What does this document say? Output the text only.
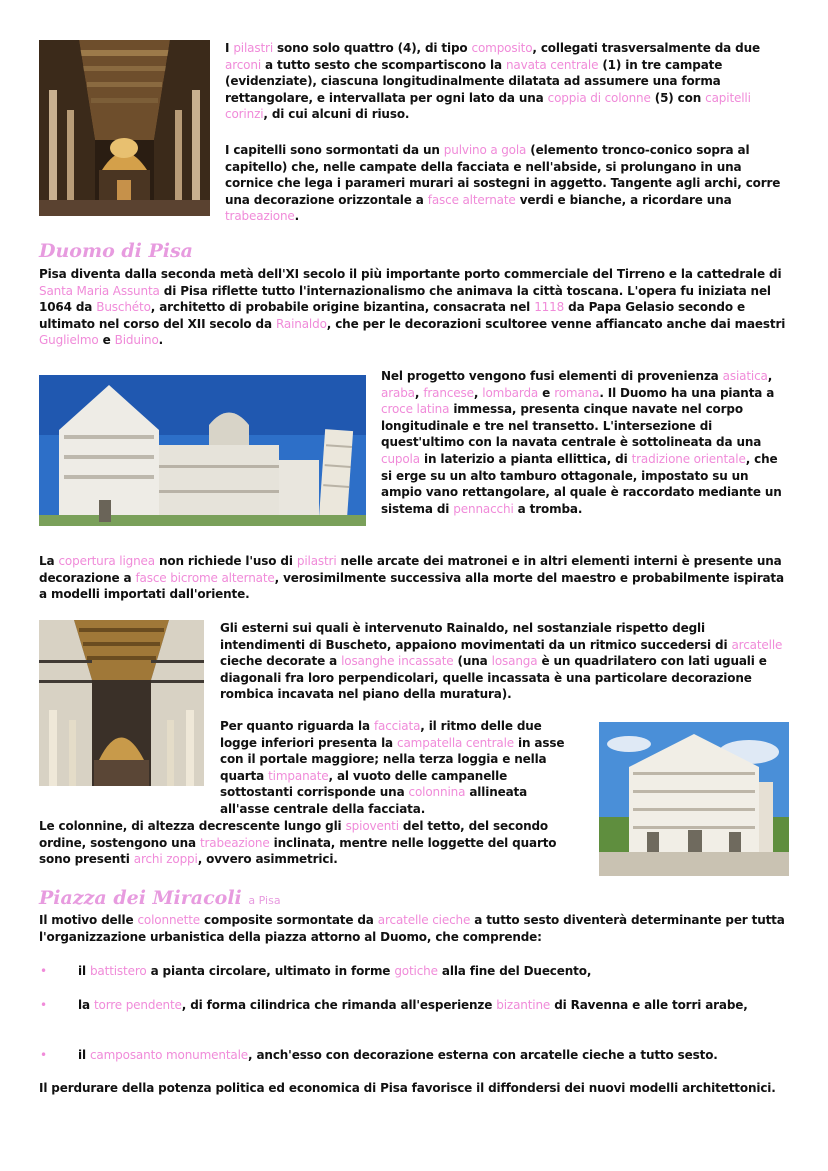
I pilastri sono solo quattro (4), di tipo composito, collegati trasversalmente da due arconi a tutto sesto che scompartiscono la navata centrale (1) in tre campate (evidenziate), ciascuna longitudinalmente dilatata ad assumere una forma rettangolare, e intervallata per ogni lato da una coppia di colonne (5) con capitelli corinzi, di cui alcuni di riuso.
I capitelli sono sormontati da un pulvino a gola (elemento tronco-conico sopra al capitello) che, nelle campate della facciata e nell'abside, si prolungano in una cornice che lega i parameri murari ai sostegni in aggetto. Tangente agli archi, corre una decorazione orizzontale a fasce alternate verdi e bianche, a ricordare una trabeazione.
Duomo di Pisa
Pisa diventa dalla seconda metà dell'XI secolo il più importante porto commerciale del Tirreno e la cattedrale di Santa Maria Assunta di Pisa riflette tutto l'internazionalismo che animava la città toscana. L'opera fu iniziata nel 1064 da Buschéto, architetto di probabile origine bizantina, consacrata nel 1118 da Papa Gelasio secondo e ultimato nel corso del XII secolo da Rainaldo, che per le decorazioni scultoree venne affiancato anche dai maestri Guglielmo e Biduino.
Nel progetto vengono fusi elementi di provenienza asiatica, araba, francese, lombarda e romana. Il Duomo ha una pianta a croce latina immessa, presenta cinque navate nel corpo longitudinale e tre nel transetto. L'intersezione di quest'ultimo con la navata centrale è sottolineata da una cupola in laterizio a pianta ellittica, di tradizione orientale, che si erge su un alto tamburo ottagonale, impostato su un ampio vano rettangolare, al quale è raccordato mediante un sistema di pennacchi a tromba.
La copertura lignea non richiede l'uso di pilastri nelle arcate dei matronei e in altri elementi interni è presente una decorazione a fasce bicrome alternate, verosimilmente successiva alla morte del maestro e probabilmente ispirata a modelli importati dall'oriente.
Gli esterni sui quali è intervenuto Rainaldo, nel sostanziale rispetto degli intendimenti di Buscheto, appaiono movimentati da un ritmico succedersi di arcatelle cieche decorate a losanghe incassate (una losanga è un quadrilatero con lati uguali e diagonali fra loro perpendicolari, quelle incassata è una particolare decorazione rombica incavata nel piano della muratura).
Per quanto riguarda la facciata, il ritmo delle due logge inferiori presenta la campatella centrale in asse con il portale maggiore; nella terza loggia e nella quarta timpanate, al vuoto delle campanelle sottostanti corrisponde una colonnina allineata all'asse centrale della facciata.
Le colonnine, di altezza decrescente lungo gli spioventi del tetto, del secondo ordine, sostengono una trabeazione inclinata, mentre nelle loggette del quarto sono presenti archi zoppi, ovvero asimmetrici.
Piazza dei Miracoli a Pisa
Il motivo delle colonnette composite sormontate da arcatelle cieche a tutto sesto diventerà determinante per tutta l'organizzazione urbanistica della piazza attorno al Duomo, che comprende:
•	il battistero a pianta circolare, ultimato in forme gotiche alla fine del Duecento,
•	la torre pendente, di forma cilindrica che rimanda all'esperienze bizantine di Ravenna e alle torri arabe,
•	il camposanto monumentale, anch'esso con decorazione esterna con arcatelle cieche a tutto sesto.
Il perdurare della potenza politica ed economica di Pisa favorisce il diffondersi dei nuovi modelli architettonici.
